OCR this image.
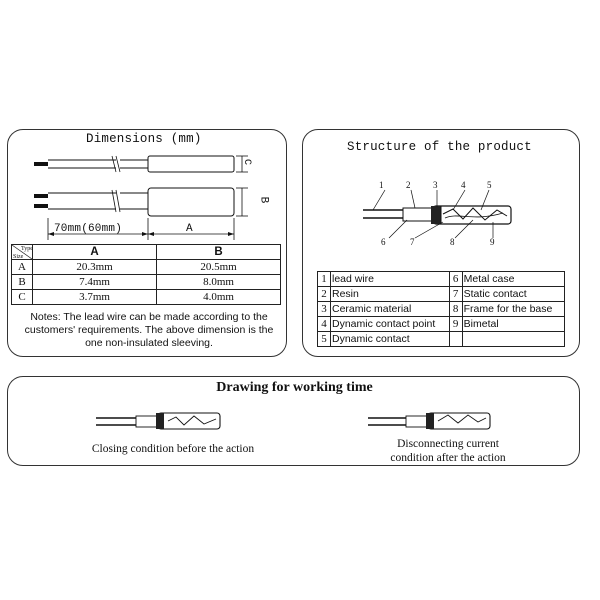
Dimensions (mm)
C
B
70mm(60mm)	A
Type
Size	A	B
A	20.3mm	20.5mm
B	7.4mm	8.0mm
C	3.7mm	4.0mm
Notes: The lead wire can be made according to the customers' requirements. The above dimension is the one non-insulated sleeving.
Structure of the product
1	2	3	4 5
6	7	8	9
1	lead wire	6	Metal case
2	Resin	7	Static contact
3	Ceramic material	8	Frame for the base
4	Dynamic contact point	9	Bimetal
5	Dynamic contact		
Drawing for working time
Closing condition before the action	Disconnecting current
condition after the action
